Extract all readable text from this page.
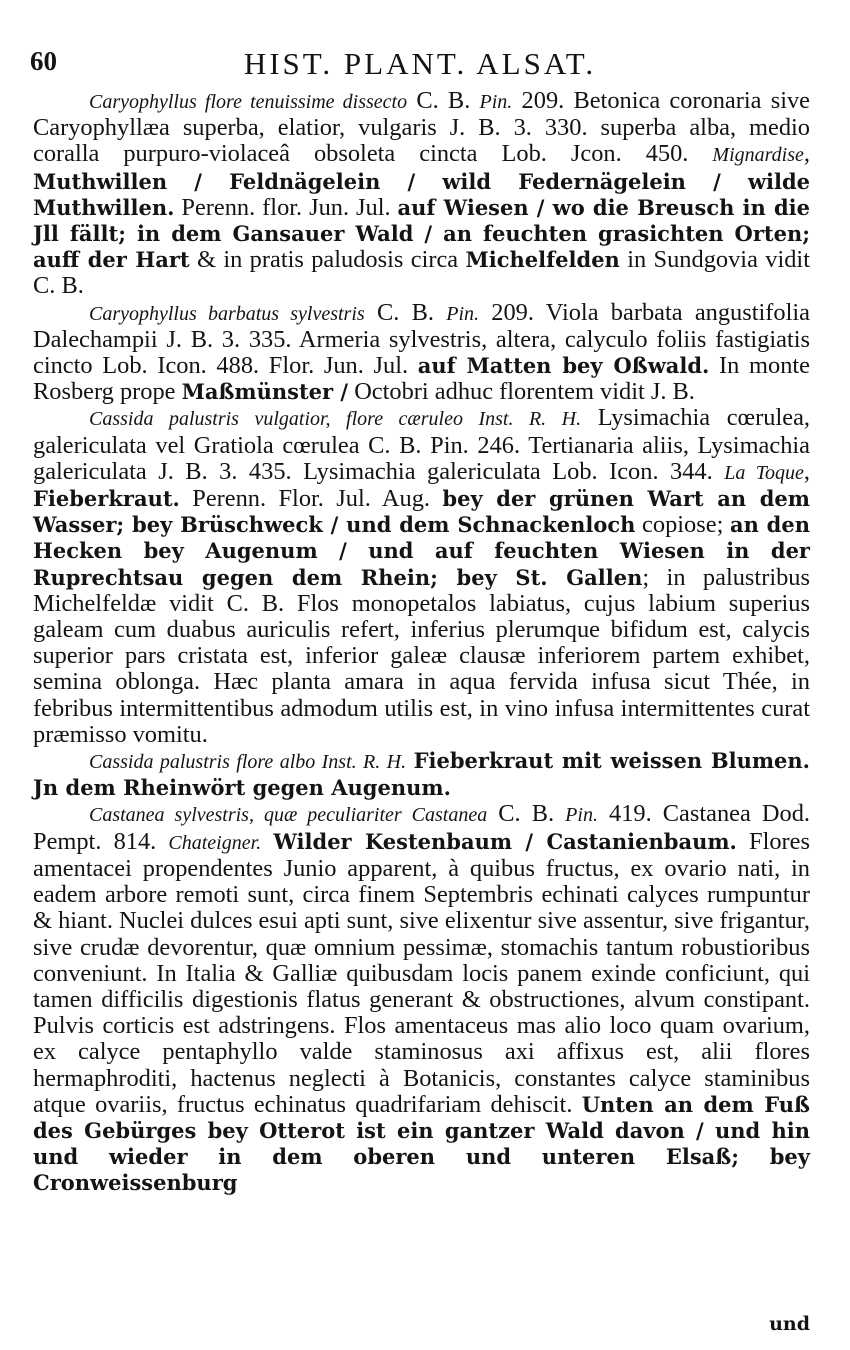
60	HIST. PLANT. ALSAT.

Caryophyllus flore tenuissime dissecto C. B. Pin. 209. Betonica coronaria sive Caryophyllæa superba, elatior, vulgaris J. B. 3. 330. superba alba, medio coralla purpuro-violaceâ obsoleta cincta Lob. Jcon. 450. Mignardise, Muthwillen / Feldnägelein / wild Federnägelein / wilde Muthwillen. Perenn. flor. Jun. Jul. auf Wiesen / wo die Breusch in die Jll fällt; in dem Gansauer Wald / an feuchten grasichten Orten; auff der Hart & in pratis paludosis circa Michelfelden in Sundgovia vidit C. B.

Caryophyllus barbatus sylvestris C. B. Pin. 209. Viola barbata angustifolia Dalechampii J. B. 3. 335. Armeria sylvestris, altera, calyculo foliis fastigiatis cincto Lob. Icon. 488. Flor. Jun. Jul. auf Matten bey Oßwald. In monte Rosberg prope Maßmünster / Octobri adhuc florentem vidit J. B.

Cassida palustris vulgatior, flore cæruleo Inst. R. H. Lysimachia cœrulea, galericulata vel Gratiola cœrulea C. B. Pin. 246. Tertianaria aliis, Lysimachia galericulata J. B. 3. 435. Lysimachia galericulata Lob. Icon. 344. La Toque, Fieberkraut. Perenn. Flor. Jul. Aug. bey der grünen Wart an dem Wasser; bey Brüschweck / und dem Schnackenloch copiose; an den Hecken bey Augenum / und auf feuchten Wiesen in der Ruprechtsau gegen dem Rhein; bey St. Gallen; in palustribus Michelfeldæ vidit C. B. Flos monopetalos labiatus, cujus labium superius galeam cum duabus auriculis refert, inferius plerumque bifidum est, calycis superior pars cristata est, inferior galeæ clausæ inferiorem partem exhibet, semina oblonga. Hæc planta amara in aqua fervida infusa sicut Thée, in febribus intermittentibus admodum utilis est, in vino infusa intermittentes curat præmisso vomitu.

Cassida palustris flore albo Inst. R. H. Fieberkraut mit weissen Blumen. Jn dem Rheinwört gegen Augenum.

Castanea sylvestris, quæ peculiariter Castanea C. B. Pin. 419. Castanea Dod. Pempt. 814. Chateigner. Wilder Kestenbaum / Castanienbaum. Flores amentacei propendentes Junio apparent, à quibus fructus, ex ovario nati, in eadem arbore remoti sunt, circa finem Septembris echinati calyces rumpuntur & hiant. Nuclei dulces esui apti sunt, sive elixentur sive assentur, sive frigantur, sive crudæ devorentur, quæ omnium pessimæ, stomachis tantum robustioribus conveniunt. In Italia & Galliæ quibusdam locis panem exinde conficiunt, qui tamen difficilis digestionis flatus generant & obstructiones, alvum constipant. Pulvis corticis est adstringens. Flos amentaceus mas alio loco quam ovarium, ex calyce pentaphyllo valde staminosus axi affixus est, alii flores hermaphroditi, hactenus neglecti à Botanicis, constantes calyce staminibus atque ovariis, fructus echinatus quadrifariam dehiscit. Unten an dem Fuß des Gebürges bey Otterot ist ein gantzer Wald davon / und hin und wieder in dem oberen und unteren Elsaß; bey Cronweissenburg

und
